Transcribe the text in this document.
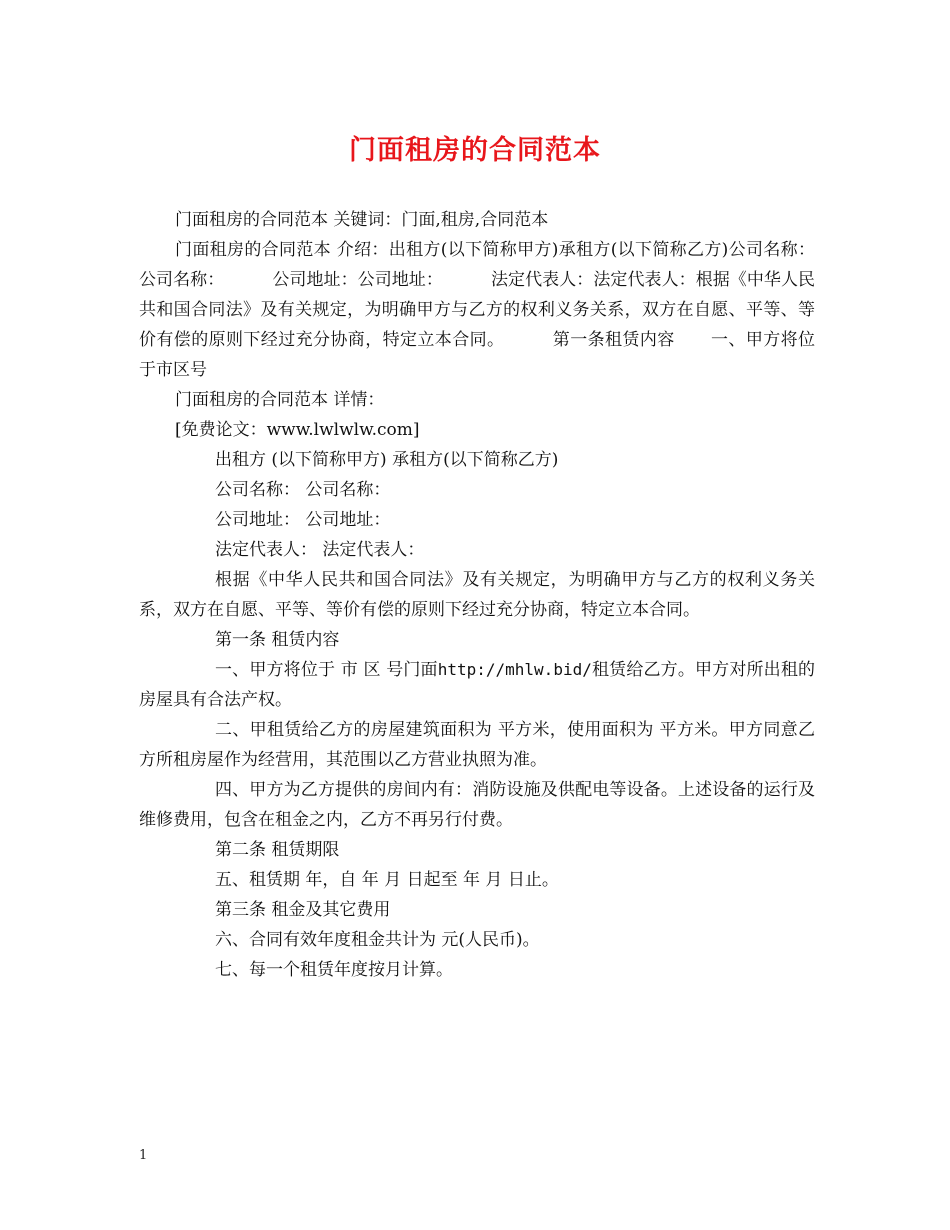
门面租房的合同范本

门面租房的合同范本 关键词：门面,租房,合同范本

门面租房的合同范本 介绍：出租方(以下简称甲方)承租方(以下简称乙方)公司名称：公司名称：	公司地址：公司地址：	法定代表人：法定代表人：根据《中华人民共和国合同法》及有关规定，为明确甲方与乙方的权利义务关系，双方在自愿、平等、等价有偿的原则下经过充分协商，特定立本合同。	第一条租赁内容 一、甲方将位于市区号

门面租房的合同范本 详情：

[免费论文：www.lwlwlw.com]

出租方 (以下简称甲方) 承租方(以下简称乙方)

公司名称： 公司名称：

公司地址： 公司地址：

法定代表人： 法定代表人：

根据《中华人民共和国合同法》及有关规定，为明确甲方与乙方的权利义务关系，双方在自愿、平等、等价有偿的原则下经过充分协商，特定立本合同。

第一条 租赁内容

一、甲方将位于 市 区 号门面http://mhlw.bid/租赁给乙方。甲方对所出租的房屋具有合法产权。

二、甲租赁给乙方的房屋建筑面积为 平方米，使用面积为 平方米。甲方同意乙方所租房屋作为经营用，其范围以乙方营业执照为准。

四、甲方为乙方提供的房间内有：消防设施及供配电等设备。上述设备的运行及维修费用，包含在租金之内，乙方不再另行付费。

第二条 租赁期限

五、租赁期 年，自 年 月 日起至 年 月 日止。

第三条 租金及其它费用

六、合同有效年度租金共计为 元(人民币)。

七、每一个租赁年度按月计算。

1
